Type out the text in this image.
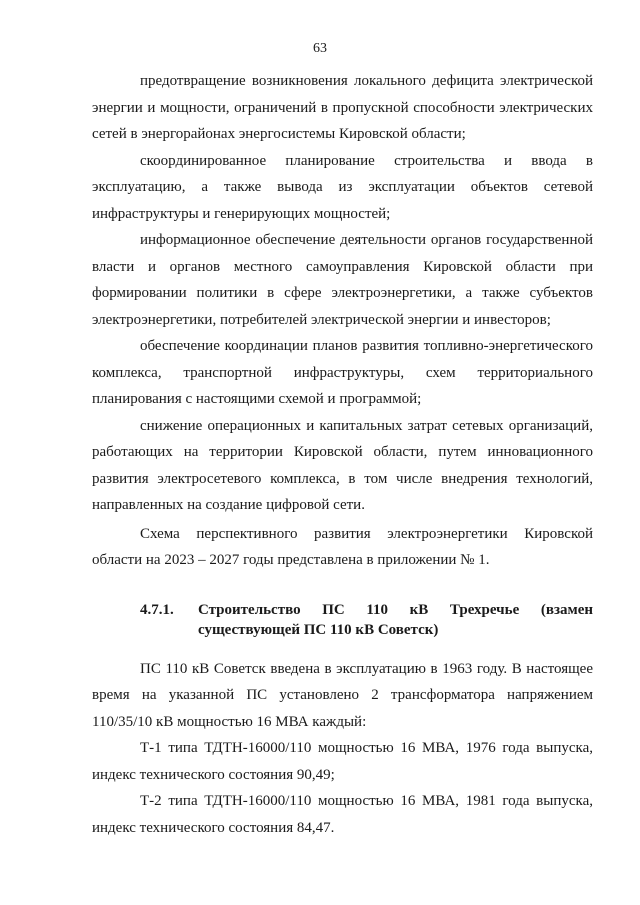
63

предотвращение возникновения локального дефицита электрической энергии и мощности, ограничений в пропускной способности электрических сетей в энергорайонах энергосистемы Кировской области;

скоординированное планирование строительства и ввода в эксплуатацию, а также вывода из эксплуатации объектов сетевой инфраструктуры и генерирующих мощностей;

информационное обеспечение деятельности органов государственной власти и органов местного самоуправления Кировской области при формировании политики в сфере электроэнергетики, а также субъектов электроэнергетики, потребителей электрической энергии и инвесторов;

обеспечение координации планов развития топливно-энергетического комплекса, транспортной инфраструктуры, схем территориального планирования с настоящими схемой и программой;

снижение операционных и капитальных затрат сетевых организаций, работающих на территории Кировской области, путем инновационного развития электросетевого комплекса, в том числе внедрения технологий, направленных на создание цифровой сети.

Схема перспективного развития электроэнергетики Кировской области на 2023 – 2027 годы представлена в приложении № 1.

4.7.1.	Строительство ПС 110 кВ Трехречье (взамен
существующей ПС 110 кВ Советск)

ПС 110 кВ Советск введена в эксплуатацию в 1963 году. В настоящее время на указанной ПС установлено 2 трансформатора напряжением 110/35/10 кВ мощностью 16 МВА каждый:

Т-1 типа ТДТН-16000/110 мощностью 16 МВА, 1976 года выпуска, индекс технического состояния 90,49;

Т-2 типа ТДТН-16000/110 мощностью 16 МВА, 1981 года выпуска, индекс технического состояния 84,47.
